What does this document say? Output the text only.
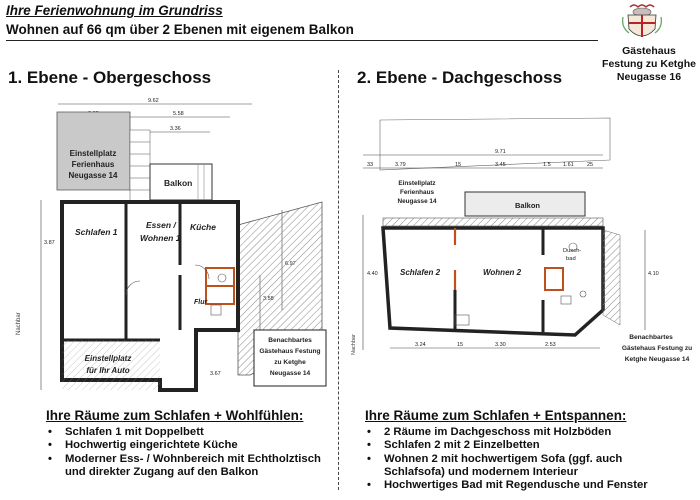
Ihre Ferienwohnung im Grundriss
Wohnen auf 66 qm über 2 Ebenen mit eigenem Balkon
Gästehaus
Festung zu Ketghe
Neugasse 16
1. Ebene - Obergeschoss	2. Ebene - Dachgeschoss
9.62
5.58
3.36
3.87
3.67
Schlafen 1
Essen /
Wohnen 1
Küche
Flur
Balkon
Nachbar
Einstellplatz
Ferienhaus
Neugasse 14
Einstellplatz
für Ihr Auto
Benachbartes
Gästehaus Festung
zu Ketghe
Neugasse 14
9.71
3.79	15	3.45	1.5 1.61 25
33
4.40	4.10
3.24	15	3.30	2.53
Einstellplatz
Ferienhaus
Neugasse 14	Balkon
Schlafen 2	Wohnen 2
Dusch-
bad
Nachbar	Benachbartes
Gästehaus Festung zu
Ketghe Neugasse 14
Ihre Räume zum Schlafen + Wohlfühlen:
• Schlafen 1 mit Doppelbett
• Hochwertig eingerichtete Küche
• Moderner Ess- / Wohnbereich mit Echtholztisch
und direkter Zugang auf den Balkon
Ihre Räume zum Schlafen + Entspannen:
• 2 Räume im Dachgeschoss mit Holzböden
• Schlafen 2 mit 2 Einzelbetten
• Wohnen 2 mit hochwertigem Sofa (ggf. auch
Schlafsofa) und modernem Interieur
• Hochwertiges Bad mit Regendusche und Fenster
